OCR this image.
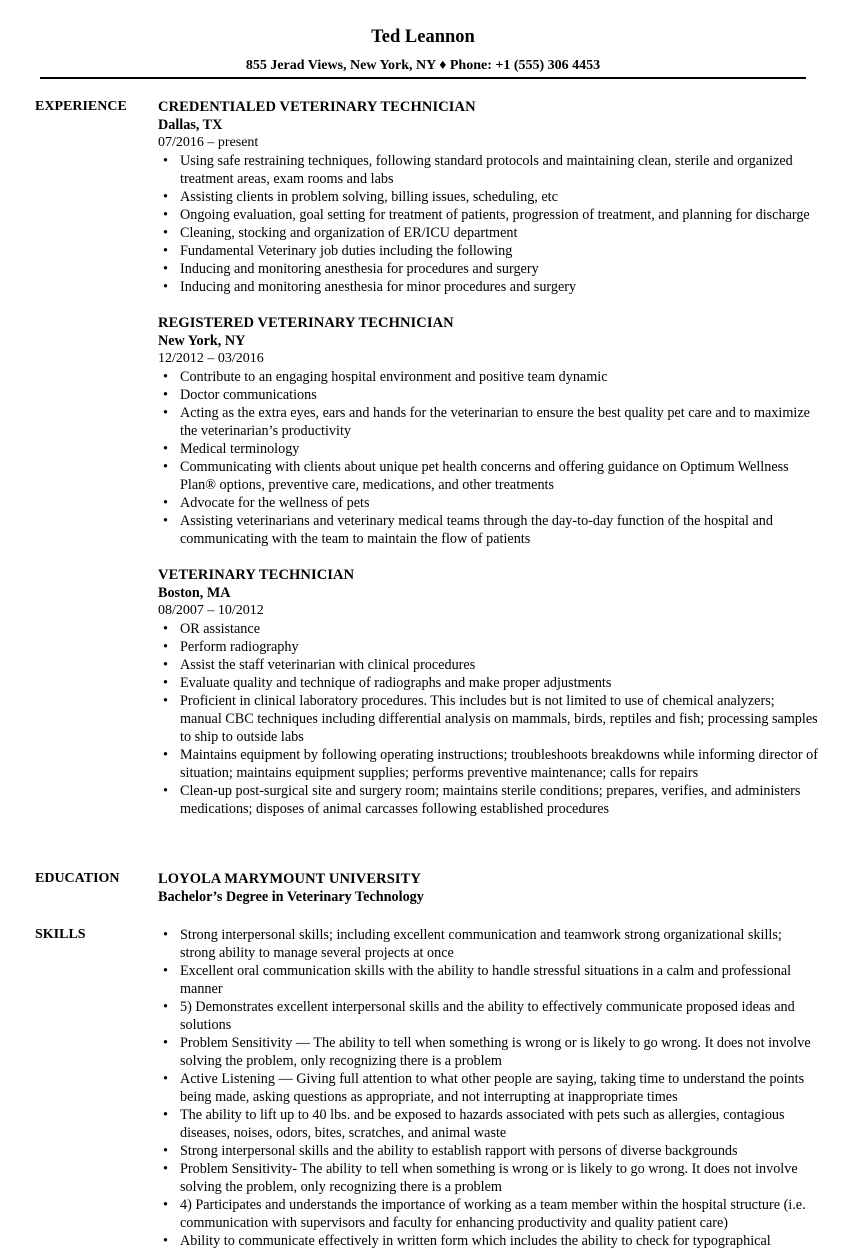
Ted Leannon
855 Jerad Views, New York, NY ♦ Phone: +1 (555) 306 4453
EXPERIENCE	CREDENTIALED VETERINARY TECHNICIAN
Dallas, TX
07/2016 – present
• Using safe restraining techniques, following standard protocols and maintaining clean, sterile and organized treatment areas, exam rooms and labs
• Assisting clients in problem solving, billing issues, scheduling, etc
• Ongoing evaluation, goal setting for treatment of patients, progression of treatment, and planning for discharge
• Cleaning, stocking and organization of ER/ICU department
• Fundamental Veterinary job duties including the following
• Inducing and monitoring anesthesia for procedures and surgery
• Inducing and monitoring anesthesia for minor procedures and surgery
REGISTERED VETERINARY TECHNICIAN
New York, NY
12/2012 – 03/2016
• Contribute to an engaging hospital environment and positive team dynamic
• Doctor communications
• Acting as the extra eyes, ears and hands for the veterinarian to ensure the best quality pet care and to maximize the veterinarian’s productivity
• Medical terminology
• Communicating with clients about unique pet health concerns and offering guidance on Optimum Wellness Plan® options, preventive care, medications, and other treatments
• Advocate for the wellness of pets
• Assisting veterinarians and veterinary medical teams through the day-to-day function of the hospital and communicating with the team to maintain the flow of patients
VETERINARY TECHNICIAN
Boston, MA
08/2007 – 10/2012
• OR assistance
• Perform radiography
• Assist the staff veterinarian with clinical procedures
• Evaluate quality and technique of radiographs and make proper adjustments
• Proficient in clinical laboratory procedures. This includes but is not limited to use of chemical analyzers; manual CBC techniques including differential analysis on mammals, birds, reptiles and fish; processing samples to ship to outside labs
• Maintains equipment by following operating instructions; troubleshoots breakdowns while informing director of situation; maintains equipment supplies; performs preventive maintenance; calls for repairs
• Clean-up post-surgical site and surgery room; maintains sterile conditions; prepares, verifies, and administers medications; disposes of animal carcasses following established procedures
EDUCATION	LOYOLA MARYMOUNT UNIVERSITY
Bachelor’s Degree in Veterinary Technology
SKILLS
•	Strong interpersonal skills; including excellent communication and teamwork strong organizational skills; strong ability to manage several projects at once
• Excellent oral communication skills with the ability to handle stressful situations in a calm and professional manner
• 5) Demonstrates excellent interpersonal skills and the ability to effectively communicate proposed ideas and solutions
• Problem Sensitivity — The ability to tell when something is wrong or is likely to go wrong. It does not involve solving the problem, only recognizing there is a problem
• Active Listening — Giving full attention to what other people are saying, taking time to understand the points being made, asking questions as appropriate, and not interrupting at inappropriate times
• The ability to lift up to 40 lbs. and be exposed to hazards associated with pets such as allergies, contagious diseases, noises, odors, bites, scratches, and animal waste
• Strong interpersonal skills and the ability to establish rapport with persons of diverse backgrounds
• Problem Sensitivity- The ability to tell when something is wrong or is likely to go wrong. It does not involve solving the problem, only recognizing there is a problem
• 4) Participates and understands the importance of working as a team member within the hospital structure (i.e. communication with supervisors and faculty for enhancing productivity and quality patient care)
• Ability to communicate effectively in written form which includes the ability to check for typographical
